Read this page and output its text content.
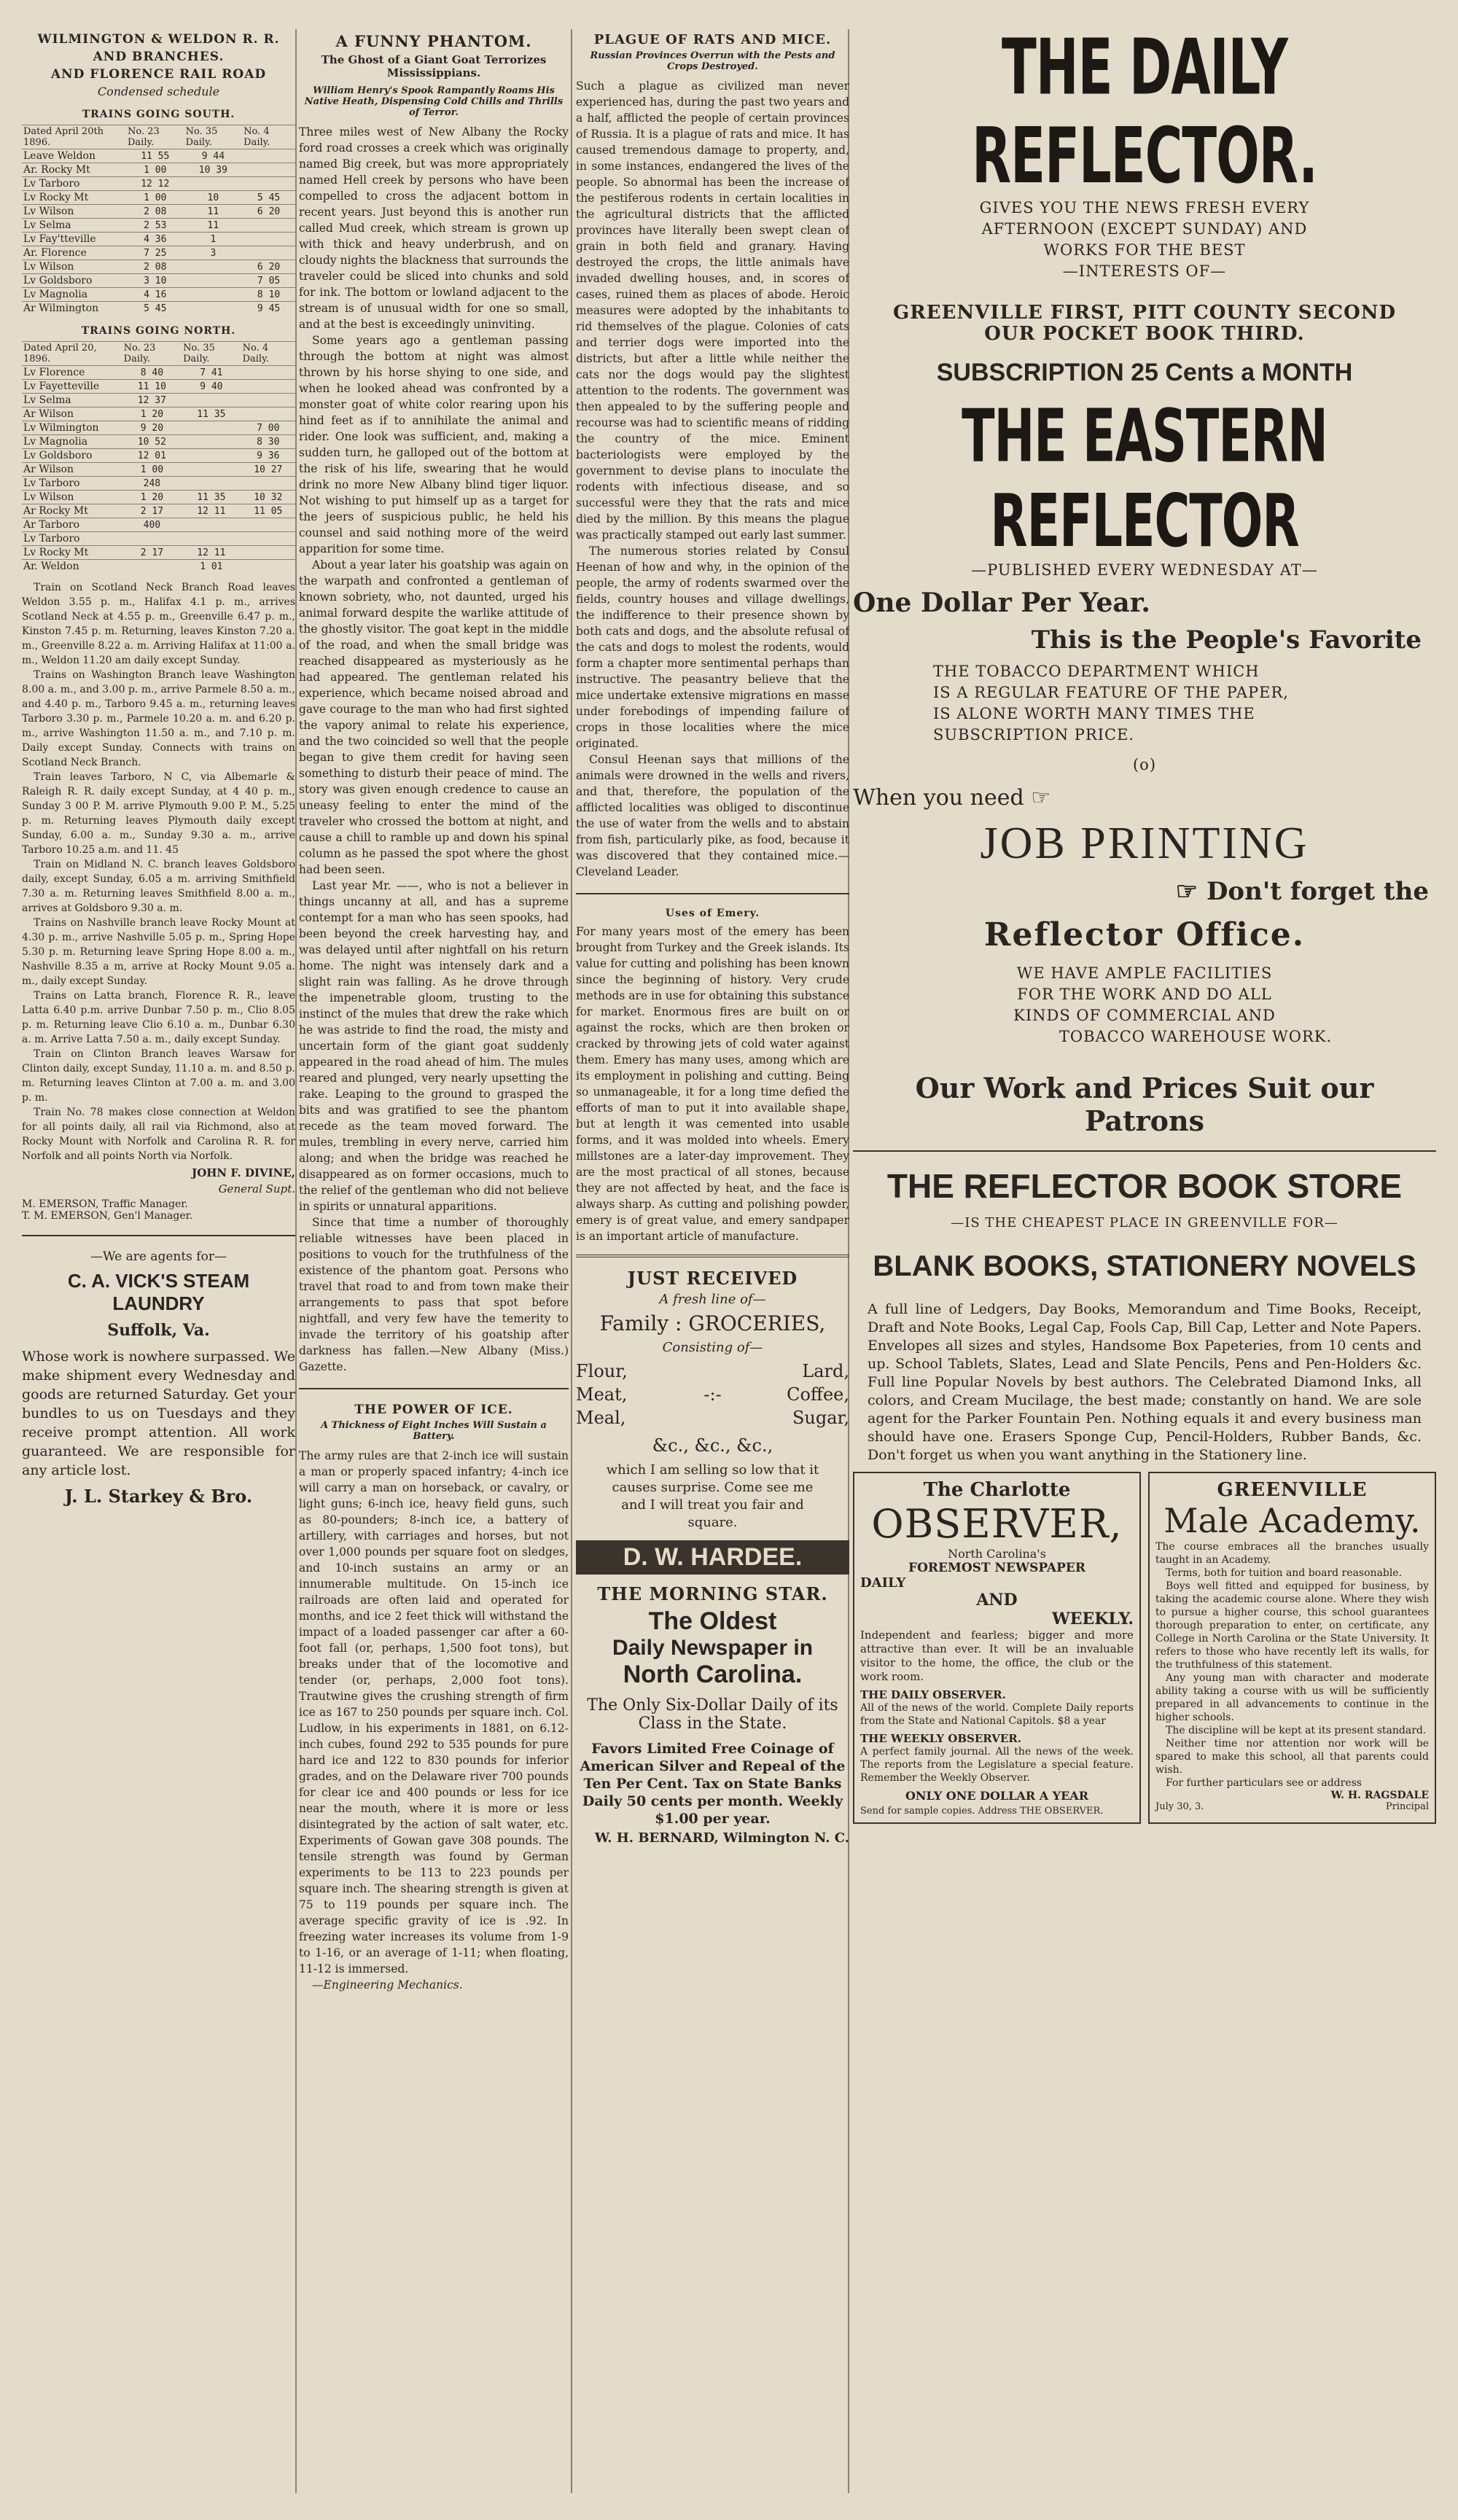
WILMINGTON & WELDON R. R.
AND BRANCHES.
AND FLORENCE RAIL ROAD
Condensed schedule
TRAINS GOING SOUTH.
Dated April 20th 1896.	No. 23 Daily.	No. 35 Daily.	No. 4 Daily.
Leave Weldon	11 55	9 44	
Ar. Rocky Mt	1 00	10 39	
Lv Tarboro	12 12		
Lv Rocky Mt	1 00	10	5 45
Lv Wilson	2 08	11	6 20
Lv Selma	2 53	11	
Lv Fay'tteville	4 36	1	
Ar. Florence	7 25	3	
Lv Wilson	2 08		6 20
Lv Goldsboro	3 10		7 05
Lv Magnolia	4 16		8 10
Ar Wilmington	5 45		9 45
TRAINS GOING NORTH.
Dated April 20, 1896.	No. 23 Daily.	No. 35 Daily.	No. 4 Daily.
Lv Florence	8 40	7 41	
Lv Fayetteville	11 10	9 40	
Lv Selma	12 37		
Ar Wilson	1 20	11 35	
Lv Wilmington	9 20		7 00
Lv Magnolia	10 52		8 30
Lv Goldsboro	12 01		9 36
Ar Wilson	1 00		10 27
Lv Tarboro	248		
Lv Wilson	1 20	11 35	10 32
Ar Rocky Mt	2 17	12 11	11 05
Ar Tarboro	400		
Lv Tarboro			
Lv Rocky Mt	2 17	12 11	
Ar. Weldon		1 01	

Train on Scotland Neck Branch Road leaves Weldon 3.55 p. m., Halifax 4.1 p. m., arrives Scotland Neck at 4.55 p. m., Greenville 6.47 p. m., Kinston 7.45 p. m. Returning, leaves Kinston 7.20 a. m., Greenville 8.22 a. m. Arriving Halifax at 11:00 a. m., Weldon 11.20 am daily except Sunday.

Trains on Washington Branch leave Washington 8.00 a. m., and 3.00 p. m., arrive Parmele 8.50 a. m., and 4.40 p. m., Tarboro 9.45 a. m., returning leaves Tarboro 3.30 p. m., Parmele 10.20 a. m. and 6.20 p. m., arrive Washington 11.50 a. m., and 7.10 p. m. Daily except Sunday. Connects with trains on Scotland Neck Branch.

Train leaves Tarboro, N C, via Albemarle & Raleigh R. R. daily except Sunday, at 4 40 p. m., Sunday 3 00 P. M. arrive Plymouth 9.00 P. M., 5.25 p. m. Returning leaves Plymouth daily except Sunday, 6.00 a. m., Sunday 9.30 a. m., arrive Tarboro 10.25 a.m. and 11. 45

Train on Midland N. C. branch leaves Goldsboro daily, except Sunday, 6.05 a m. arriving Smithfield 7.30 a. m. Returning leaves Smithfield 8.00 a. m., arrives at Goldsboro 9.30 a. m.

Trains on Nashville branch leave Rocky Mount at 4.30 p. m., arrive Nashville 5.05 p. m., Spring Hope 5.30 p. m. Returning leave Spring Hope 8.00 a. m., Nashville 8.35 a m, arrive at Rocky Mount 9.05 a. m., daily except Sunday.

Trains on Latta branch, Florence R. R., leave Latta 6.40 p.m. arrive Dunbar 7.50 p. m., Clio 8.05 p. m. Returning leave Clio 6.10 a. m., Dunbar 6.30 a. m. Arrive Latta 7.50 a. m., daily except Sunday.

Train on Clinton Branch leaves Warsaw for Clinton daily, except Sunday, 11.10 a. m. and 8.50 p. m. Returning leaves Clinton at 7.00 a. m. and 3.00 p. m.

Train No. 78 makes close connection at Weldon for all points daily, all rail via Richmond, also at Rocky Mount with Norfolk and Carolina R. R. for Norfolk and all points North via Norfolk.

JOHN F. DIVINE,
General Supt.
M. EMERSON, Traffic Manager.
T. M. EMERSON, Gen'l Manager.
—We are agents for—
C. A. VICK'S STEAM LAUNDRY
Suffolk, Va.

Whose work is nowhere surpassed. We make shipment every Wednesday and goods are returned Saturday. Get your bundles to us on Tuesdays and they receive prompt attention. All work guaranteed. We are responsible for any article lost.

J. L. Starkey & Bro.
A FUNNY PHANTOM.
The Ghost of a Giant Goat Terrorizes Mississippians.
William Henry's Spook Rampantly Roams His Native Heath, Dispensing Cold Chills and Thrills of Terror.

Three miles west of New Albany the Rocky ford road crosses a creek which was originally named Big creek, but was more appropriately named Hell creek by persons who have been compelled to cross the adjacent bottom in recent years. Just beyond this is another run called Mud creek, which stream is grown up with thick and heavy underbrush, and on cloudy nights the blackness that surrounds the traveler could be sliced into chunks and sold for ink. The bottom or lowland adjacent to the stream is of unusual width for one so small, and at the best is exceedingly uninviting.

Some years ago a gentleman passing through the bottom at night was almost thrown by his horse shying to one side, and when he looked ahead was confronted by a monster goat of white color rearing upon his hind feet as if to annihilate the animal and rider. One look was sufficient, and, making a sudden turn, he galloped out of the bottom at the risk of his life, swearing that he would drink no more New Albany blind tiger liquor. Not wishing to put himself up as a target for the jeers of suspicious public, he held his counsel and said nothing more of the weird apparition for some time.

About a year later his goatship was again on the warpath and confronted a gentleman of known sobriety, who, not daunted, urged his animal forward despite the warlike attitude of the ghostly visitor. The goat kept in the middle of the road, and when the small bridge was reached disappeared as mysteriously as he had appeared. The gentleman related his experience, which became noised abroad and gave courage to the man who had first sighted the vapory animal to relate his experience, and the two coincided so well that the people began to give them credit for having seen something to disturb their peace of mind. The story was given enough credence to cause an uneasy feeling to enter the mind of the traveler who crossed the bottom at night, and cause a chill to ramble up and down his spinal column as he passed the spot where the ghost had been seen.

Last year Mr. ——, who is not a believer in things uncanny at all, and has a supreme contempt for a man who has seen spooks, had been beyond the creek harvesting hay, and was delayed until after nightfall on his return home. The night was intensely dark and a slight rain was falling. As he drove through the impenetrable gloom, trusting to the instinct of the mules that drew the rake which he was astride to find the road, the misty and uncertain form of the giant goat suddenly appeared in the road ahead of him. The mules reared and plunged, very nearly upsetting the rake. Leaping to the ground to grasped the bits and was gratified to see the phantom recede as the team moved forward. The mules, trembling in every nerve, carried him along; and when the bridge was reached he disappeared as on former occasions, much to the relief of the gentleman who did not believe in spirits or unnatural apparitions.

Since that time a number of thoroughly reliable witnesses have been placed in positions to vouch for the truthfulness of the existence of the phantom goat. Persons who travel that road to and from town make their arrangements to pass that spot before nightfall, and very few have the temerity to invade the territory of his goatship after darkness has fallen.—New Albany (Miss.) Gazette.

THE POWER OF ICE.
A Thickness of Eight Inches Will Sustain a Battery.

The army rules are that 2-inch ice will sustain a man or properly spaced infantry; 4-inch ice will carry a man on horseback, or cavalry, or light guns; 6-inch ice, heavy field guns, such as 80-pounders; 8-inch ice, a battery of artillery, with carriages and horses, but not over 1,000 pounds per square foot on sledges, and 10-inch sustains an army or an innumerable multitude. On 15-inch ice railroads are often laid and operated for months, and ice 2 feet thick will withstand the impact of a loaded passenger car after a 60-foot fall (or, perhaps, 1,500 foot tons), but breaks under that of the locomotive and tender (or, perhaps, 2,000 foot tons). Trautwine gives the crushing strength of firm ice as 167 to 250 pounds per square inch. Col. Ludlow, in his experiments in 1881, on 6.12-inch cubes, found 292 to 535 pounds for pure hard ice and 122 to 830 pounds for inferior grades, and on the Delaware river 700 pounds for clear ice and 400 pounds or less for ice near the mouth, where it is more or less disintegrated by the action of salt water, etc. Experiments of Gowan gave 308 pounds. The tensile strength was found by German experiments to be 113 to 223 pounds per square inch. The shearing strength is given at 75 to 119 pounds per square inch. The average specific gravity of ice is .92. In freezing water increases its volume from 1-9 to 1-16, or an average of 1-11; when floating, 11-12 is immersed.

—Engineering Mechanics.

PLAGUE OF RATS AND MICE.
Russian Provinces Overrun with the Pests and Crops Destroyed.

Such a plague as civilized man never experienced has, during the past two years and a half, afflicted the people of certain provinces of Russia. It is a plague of rats and mice. It has caused tremendous damage to property, and, in some instances, endangered the lives of the people. So abnormal has been the increase of the pestiferous rodents in certain localities in the agricultural districts that the afflicted provinces have literally been swept clean of grain in both field and granary. Having destroyed the crops, the little animals have invaded dwelling houses, and, in scores of cases, ruined them as places of abode. Heroic measures were adopted by the inhabitants to rid themselves of the plague. Colonies of cats and terrier dogs were imported into the districts, but after a little while neither the cats nor the dogs would pay the slightest attention to the rodents. The government was then appealed to by the suffering people and recourse was had to scientific means of ridding the country of the mice. Eminent bacteriologists were employed by the government to devise plans to inoculate the rodents with infectious disease, and so successful were they that the rats and mice died by the million. By this means the plague was practically stamped out early last summer.

The numerous stories related by Consul Heenan of how and why, in the opinion of the people, the army of rodents swarmed over the fields, country houses and village dwellings, the indifference to their presence shown by both cats and dogs, and the absolute refusal of the cats and dogs to molest the rodents, would form a chapter more sentimental perhaps than instructive. The peasantry believe that the mice undertake extensive migrations en masse under forebodings of impending failure of crops in those localities where the mice originated.

Consul Heenan says that millions of the animals were drowned in the wells and rivers, and that, therefore, the population of the afflicted localities was obliged to discontinue the use of water from the wells and to abstain from fish, particularly pike, as food, because it was discovered that they contained mice.—Cleveland Leader.

Uses of Emery.

For many years most of the emery has been brought from Turkey and the Greek islands. Its value for cutting and polishing has been known since the beginning of history. Very crude methods are in use for obtaining this substance for market. Enormous fires are built on or against the rocks, which are then broken or cracked by throwing jets of cold water against them. Emery has many uses, among which are its employment in polishing and cutting. Being so unmanageable, it for a long time defied the efforts of man to put it into available shape, but at length it was cemented into usable forms, and it was molded into wheels. Emery millstones are a later-day improvement. They are the most practical of all stones, because they are not affected by heat, and the face is always sharp. As cutting and polishing powder, emery is of great value, and emery sandpaper is an important article of manufacture.

JUST RECEIVED
A fresh line of—
Family : GROCERIES,
Consisting of—
Flour,
Meat,
Meal,
-:-
Lard,
Coffee,
Sugar,
&c., &c., &c.,

which I am selling so low that it causes surprise. Come see me and I will treat you fair and square.

D. W. HARDEE.
THE MORNING STAR.
The Oldest
Daily Newspaper in
North Carolina.
The Only Six-Dollar Daily of its Class in the State.

Favors Limited Free Coinage of American Silver and Repeal of the Ten Per Cent. Tax on State Banks Daily 50 cents per month. Weekly $1.00 per year.

W. H. BERNARD, Wilmington N. C.
THE DAILY REFLECTOR.
GIVES YOU THE NEWS FRESH EVERY
AFTERNOON (EXCEPT SUNDAY) AND
WORKS FOR THE BEST
—INTERESTS OF—
GREENVILLE FIRST, PITT COUNTY SECOND
OUR POCKET BOOK THIRD.
SUBSCRIPTION 25 Cents a MONTH
THE EASTERN REFLECTOR
—PUBLISHED EVERY WEDNESDAY AT—
One Dollar Per Year.
This is the People's Favorite
THE TOBACCO DEPARTMENT WHICH
IS A REGULAR FEATURE OF THE PAPER,
IS ALONE WORTH MANY TIMES THE
SUBSCRIPTION PRICE.
(o)
When you need ☞
JOB PRINTING
☞ Don't forget the
Reflector Office.
WE HAVE AMPLE FACILITIES
FOR THE WORK AND DO ALL
KINDS OF COMMERCIAL AND
TOBACCO WAREHOUSE WORK.
Our Work and Prices Suit our Patrons
THE REFLECTOR BOOK STORE
—IS THE CHEAPEST PLACE IN GREENVILLE FOR—
BLANK BOOKS, STATIONERY NOVELS

A full line of Ledgers, Day Books, Memorandum and Time Books, Receipt, Draft and Note Books, Legal Cap, Fools Cap, Bill Cap, Letter and Note Papers. Envelopes all sizes and styles, Handsome Box Papeteries, from 10 cents and up. School Tablets, Slates, Lead and Slate Pencils, Pens and Pen-Holders &c. Full line Popular Novels by best authors. The Celebrated Diamond Inks, all colors, and Cream Mucilage, the best made; constantly on hand. We are sole agent for the Parker Fountain Pen. Nothing equals it and every business man should have one. Erasers Sponge Cup, Pencil-Holders, Rubber Bands, &c. Don't forget us when you want anything in the Stationery line.

The Charlotte
OBSERVER,
North Carolina's
FOREMOST NEWSPAPER
DAILY
AND
WEEKLY.

Independent and fearless; bigger and more attractive than ever. It will be an invaluable visitor to the home, the office, the club or the work room.

THE DAILY OBSERVER.

All of the news of the world. Complete Daily reports from the State and National Capitols. $8 a year

THE WEEKLY OBSERVER.

A perfect family journal. All the news of the week. The reports from the Legislature a special feature. Remember the Weekly Observer.

ONLY ONE DOLLAR A YEAR
Send for sample copies. Address THE OBSERVER.
GREENVILLE
Male Academy.

The course embraces all the branches usually taught in an Academy.

Terms, both for tuition and board reasonable.

Boys well fitted and equipped for business, by taking the academic course alone. Where they wish to pursue a higher course, this school guarantees thorough preparation to enter, on certificate, any College in North Carolina or the State University. It refers to those who have recently left its walls, for the truthfulness of this statement.

Any young man with character and moderate ability taking a course with us will be sufficiently prepared in all advancements to continue in the higher schools.

The discipline will be kept at its present standard.

Neither time nor attention nor work will be spared to make this school, all that parents could wish.

For further particulars see or address

W. H. RAGSDALE
July 30, 3.	Principal
